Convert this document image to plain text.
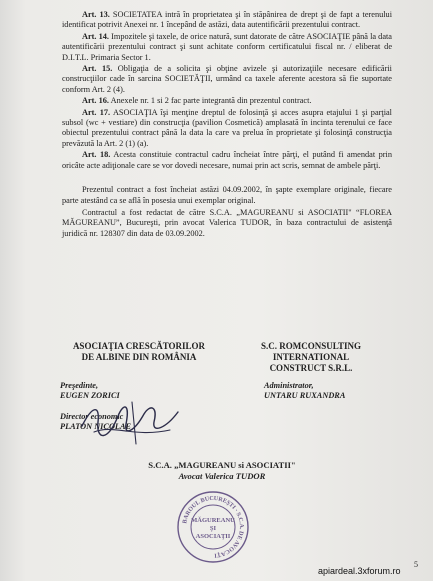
Art. 13. SOCIETATEA intră în proprietatea şi în stăpânirea de drept şi de fapt a terenului identificat potrivit Anexei nr. 1 începând de astăzi, data autentificării prezentului contract.

Art. 14. Impozitele şi taxele, de orice natură, sunt datorate de către ASOCIAŢIE până la data autentificării prezentului contract şi sunt achitate conform certificatului fiscal nr. / eliberat de D.I.T.L. Primaria Sector 1.

Art. 15. Obligaţia de a solicita şi obţine avizele şi autorizaţiile necesare edificării construcţiilor cade în sarcina SOCIETĂŢII, urmând ca taxele aferente acestora să fie suportate conform Art. 2 (4).

Art. 16. Anexele nr. 1 si 2 fac parte integrantă din prezentul contract.

Art. 17. ASOCIAŢIA îşi menţine dreptul de folosinţă şi acces asupra etajului 1 şi parţial subsol (wc + vestiare) din construcţia (pavilion Cosmetică) amplasată în incinta terenului ce face obiectul prezentului contract până la data la care va prelua în proprietate şi folosinţă construcţia prevăzută la Art. 2 (1) (a).

Art. 18. Acesta constituie contractul cadru încheiat între părţi, el putând fi amendat prin oricâte acte adiţionale care se vor dovedi necesare, numai prin act scris, semnat de ambele părţi.

Prezentul contract a fost încheiat astăzi 04.09.2002, în şapte exemplare originale, fiecare parte atestând ca se află în posesia unui exemplar original.

Contractul a fost redactat de către S.C.A. „MAGUREANU si ASOCIATII" “FLOREA MĂGUREANU”, Bucureşti, prin avocat Valerica TUDOR, în baza contractului de asistenţă juridică nr. 128307 din data de 03.09.2002.

ASOCIAŢIA CRESCĂTORILOR
DE ALBINE DIN ROMÂNIA
S.C. ROMCONSULTING
INTERNATIONAL
CONSTRUCT S.R.L.
Preşedinte,
EUGEN ZORICI
Director economic
PLATON NICOLAE
Administrator,
UNTARU RUXANDRA
S.C.A. „MAGUREANU si ASOCIATII"
Avocat Valerica TUDOR
BAROUL BUCUREŞTI · S.C.A. DE AVOCAŢI
MĂGUREANU
ŞI
ASOCIAŢII
5
apiardeal.3xforum.ro
